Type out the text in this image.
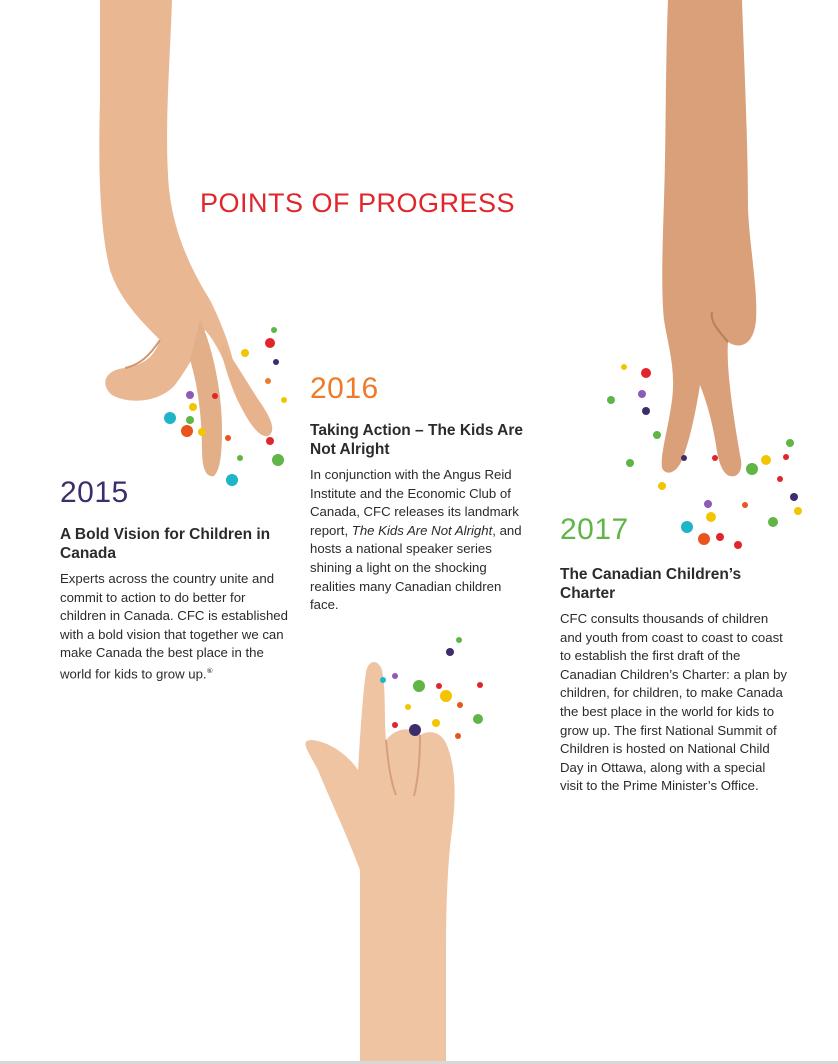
POINTS OF PROGRESS
2015
A Bold Vision for Children in Canada

Experts across the country unite and commit to action to do better for children in Canada. CFC is established with a bold vision that together we can make Canada the best place in the world for kids to grow up.⑥

2016
Taking Action – The Kids Are Not Alright

In conjunction with the Angus Reid Institute and the Economic Club of Canada, CFC releases its landmark report, The Kids Are Not Alright, and hosts a national speaker series shining a light on the shocking realities many Canadian children face.

2017
The Canadian Children’s Charter

CFC consults thousands of children and youth from coast to coast to coast to establish the first draft of the Canadian Children’s Charter: a plan by children, for children, to make Canada the best place in the world for kids to grow up. The first National Summit of Children is hosted on National Child Day in Ottawa, along with a special visit to the Prime Minister’s Office.
